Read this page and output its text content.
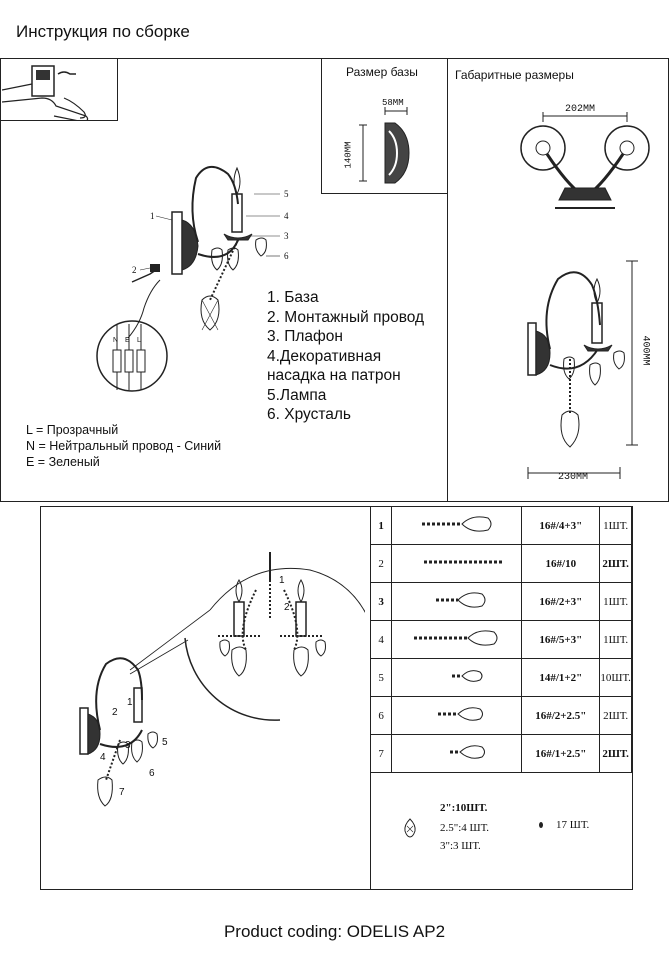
Инструкция по сборке
Размер базы
58ММ
140ММ
1
2
3
4
5
6
1. База
2. Монтажный провод
3. Плафон
4.Декоративная
насадка на патрон
5.Лампа
6. Хрусталь
N E L
L = Прозрачный
N = Нейтральный провод - Синий
E = Зеленый
Габаритные размеры
202ММ
400ММ
230ММ
1
2
3
4
5
6
7
1
2
1		16#/4+3"	1ШТ.
2		16#/10	2ШТ.
3		16#/2+3"	1ШТ.
4		16#/5+3"	1ШТ.
5		14#/1+2"	10ШТ.
6		16#/2+2.5"	2ШТ.
7		16#/1+2.5"	2ШТ.
2":10ШТ.
2.5":4 ШТ.
3":3 ШТ.
17 ШТ.
Product coding: ODELIS AP2
